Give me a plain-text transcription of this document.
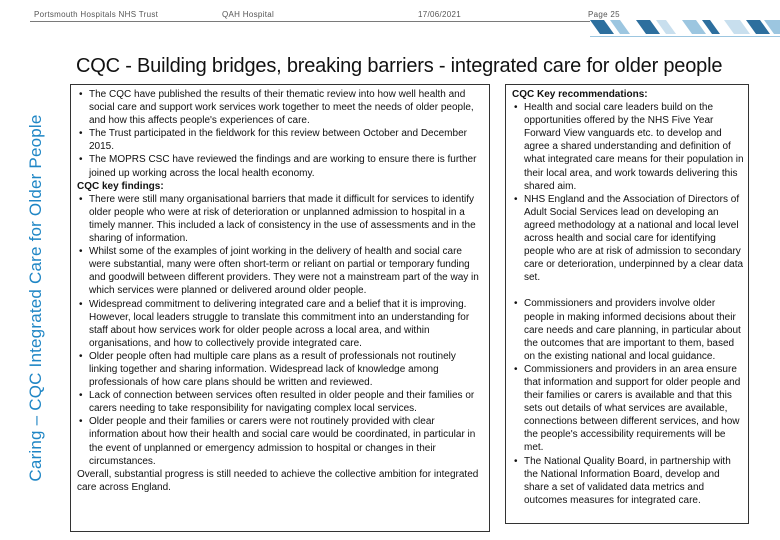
Portsmouth Hospitals NHS Trust	QAH Hospital	17/06/2021	Page 25
Caring – CQC Integrated Care for Older People
CQC - Building bridges, breaking barriers - integrated care for older people
• The CQC have published the results of their thematic review into how well health and social care and support work services work together to meet the needs of older people, and how this affects people's experiences of care.
• The Trust participated in the fieldwork for this review between October and December 2015.
• The MOPRS CSC have reviewed the findings and are working to ensure there is further joined up working across the local health economy.
CQC key findings:
• There were still many organisational barriers that made it difficult for services to identify older people who were at risk of deterioration or unplanned admission to hospital in a timely manner. This included a lack of consistency in the use of assessments and in the sharing of information.
• Whilst some of the examples of joint working in the delivery of health and social care were substantial, many were often short-term or reliant on partial or temporary funding and goodwill between different providers. They were not a mainstream part of the way in which services were planned or delivered around older people.
• Widespread commitment to delivering integrated care and a belief that it is improving. However, local leaders struggle to translate this commitment into an understanding for staff about how services work for older people across a local area, and within organisations, and how to collectively provide integrated care.
• Older people often had multiple care plans as a result of professionals not routinely linking together and sharing information. Widespread lack of knowledge among professionals of how care plans should be written and reviewed.
• Lack of connection between services often resulted in older people and their families or carers needing to take responsibility for navigating complex local services.
• Older people and their families or carers were not routinely provided with clear information about how their health and social care would be coordinated, in particular in the event of unplanned or emergency admission to hospital or changes in their circumstances.
Overall, substantial progress is still needed to achieve the collective ambition for integrated care across England.
CQC Key recommendations:
• Health and social care leaders build on the opportunities offered by the NHS Five Year Forward View vanguards etc. to develop and agree a shared understanding and definition of what integrated care means for their population in their local area, and work towards delivering this shared aim.
• NHS England and the Association of Directors of Adult Social Services lead on developing an agreed methodology at a national and local level across health and social care for identifying people who are at risk of admission to secondary care or deterioration, underpinned by a clear data set.
• Commissioners and providers involve older people in making informed decisions about their care needs and care planning, in particular about the outcomes that are important to them, based on the existing national and local guidance.
• Commissioners and providers in an area ensure that information and support for older people and their families or carers is available and that this sets out details of what services are available, connections between different services, and how the people's accessibility requirements will be met.
• The National Quality Board, in partnership with the National Information Board, develop and share a set of validated data metrics and outcomes measures for integrated care.
